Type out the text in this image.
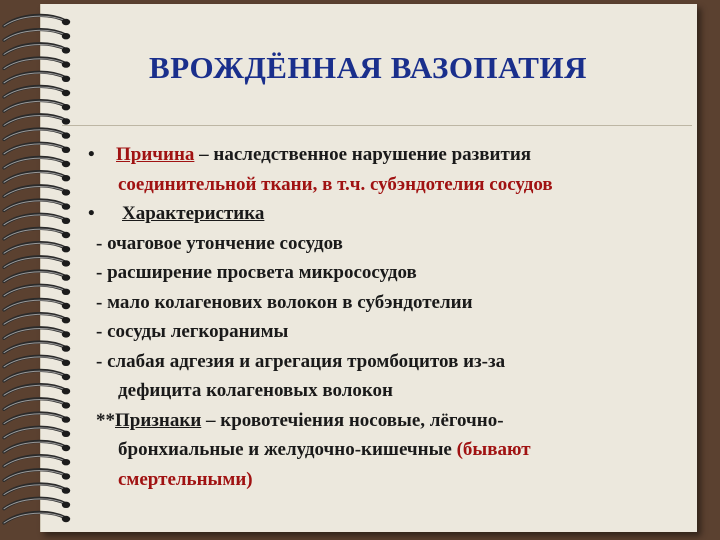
ВРОЖДЁННАЯ ВАЗОПАТИЯ
• Причина – наследственное нарушение развития
соединительной ткани, в т.ч. субэндотелия сосудов
• Характеристика
- очаговое утончение сосудов
- расширение просвета микрососудов
- мало колагенових волокон в субэндотелии
- сосуды легкоранимы
- слабая адгезия и агрегация тромбоцитов из-за
дефицита колагеновых волокон
**Признаки – кровотечiения носовые, лёгочно-
бронхиальные и желудочно-кишечные (бывают
смертельными)
